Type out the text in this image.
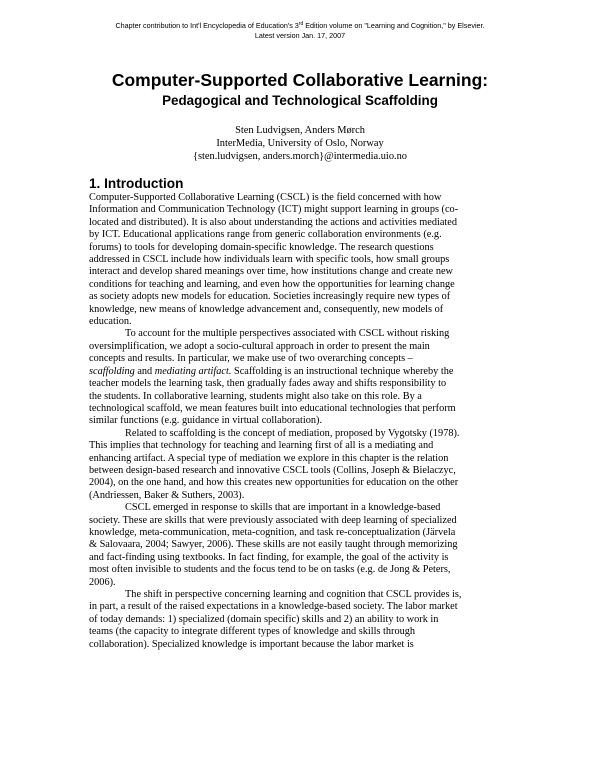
Chapter contribution to Int'l Encyclopedia of Education's 3rd Edition volume on "Learning and Cognition," by Elsevier.
Latest version Jan. 17, 2007
Computer-Supported Collaborative Learning:
Pedagogical and Technological Scaffolding
Sten Ludvigsen, Anders Mørch
InterMedia, University of Oslo, Norway
{sten.ludvigsen, anders.morch}@intermedia.uio.no
1. Introduction
Computer-Supported Collaborative Learning (CSCL) is the field concerned with how
Information and Communication Technology (ICT) might support learning in groups (co-
located and distributed). It is also about understanding the actions and activities mediated
by ICT. Educational applications range from generic collaboration environments (e.g.
forums) to tools for developing domain-specific knowledge. The research questions
addressed in CSCL include how individuals learn with specific tools, how small groups
interact and develop shared meanings over time, how institutions change and create new
conditions for teaching and learning, and even how the opportunities for learning change
as society adopts new models for education. Societies increasingly require new types of
knowledge, new means of knowledge advancement and, consequently, new models of
education.
To account for the multiple perspectives associated with CSCL without risking
oversimplification, we adopt a socio-cultural approach in order to present the main
concepts and results. In particular, we make use of two overarching concepts –
scaffolding and mediating artifact. Scaffolding is an instructional technique whereby the
teacher models the learning task, then gradually fades away and shifts responsibility to
the students. In collaborative learning, students might also take on this role. By a
technological scaffold, we mean features built into educational technologies that perform
similar functions (e.g. guidance in virtual collaboration).
Related to scaffolding is the concept of mediation, proposed by Vygotsky (1978).
This implies that technology for teaching and learning first of all is a mediating and
enhancing artifact. A special type of mediation we explore in this chapter is the relation
between design-based research and innovative CSCL tools (Collins, Joseph & Bielaczyc,
2004), on the one hand, and how this creates new opportunities for education on the other
(Andriessen, Baker & Suthers, 2003).
CSCL emerged in response to skills that are important in a knowledge-based
society. These are skills that were previously associated with deep learning of specialized
knowledge, meta-communication, meta-cognition, and task re-conceptualization (Järvela
& Salovaara, 2004; Sawyer, 2006). These skills are not easily taught through memorizing
and fact-finding using textbooks. In fact finding, for example, the goal of the activity is
most often invisible to students and the focus tend to be on tasks (e.g. de Jong & Peters,
2006).
The shift in perspective concerning learning and cognition that CSCL provides is,
in part, a result of the raised expectations in a knowledge-based society. The labor market
of today demands: 1) specialized (domain specific) skills and 2) an ability to work in
teams (the capacity to integrate different types of knowledge and skills through
collaboration). Specialized knowledge is important because the labor market is
